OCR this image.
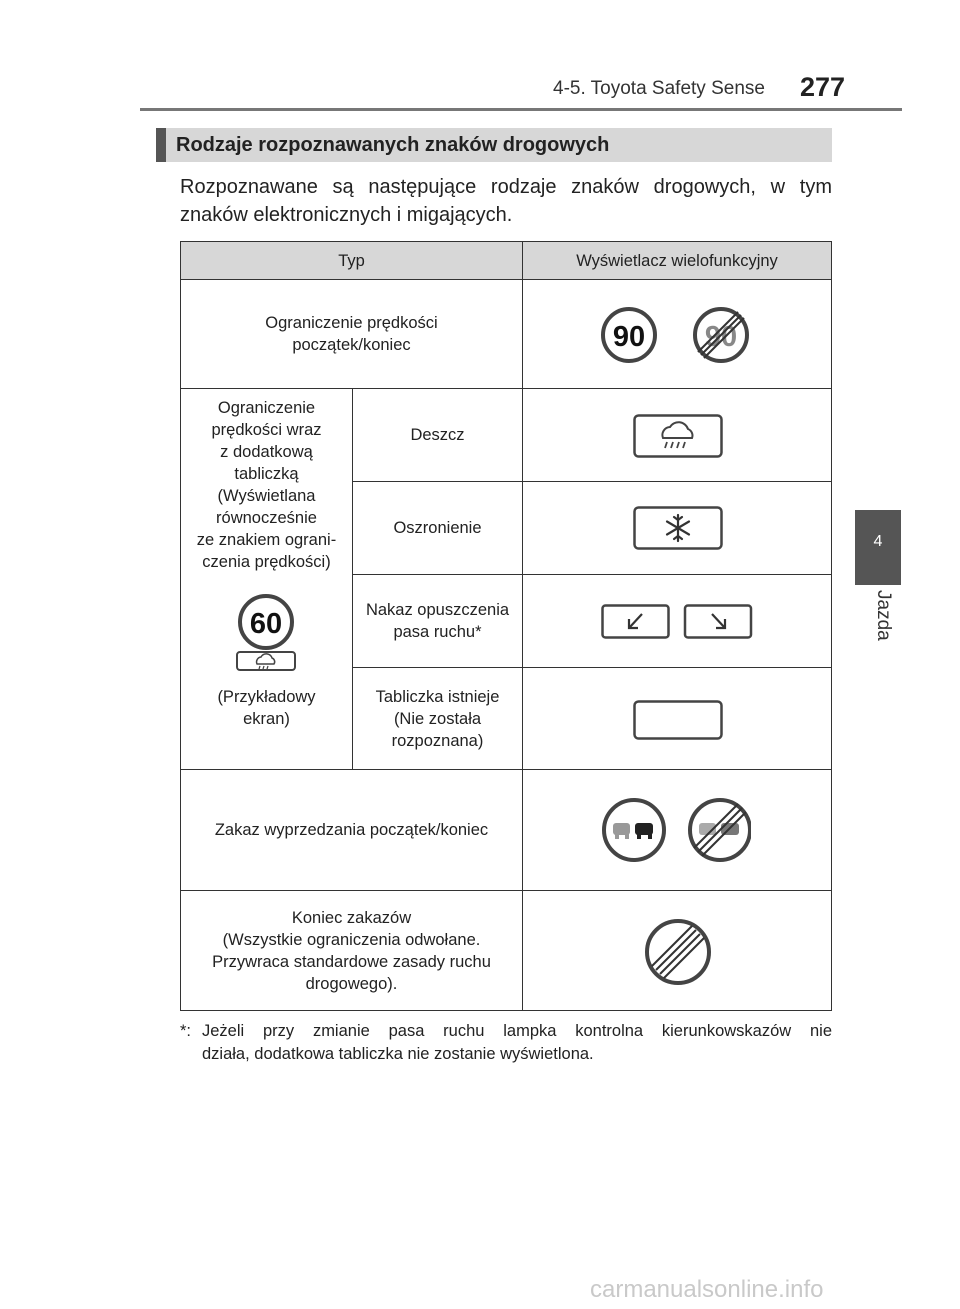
4-5. Toyota Safety Sense 277
4
Jazda
Rodzaje rozpoznawanych znaków drogowych
Rozpoznawane są następujące rodzaje znaków drogowych, w tym
znaków elektronicznych i migających.
Typ	Wyświetlacz wielofunkcyjny
Ograniczenie prędkości
początek/koniec	90 90
Ograniczenie
prędkości wraz
z dodatkową
tabliczką
(Wyświetlana
równocześnie
ze znakiem ograni-
czenia prędkości)
60
(Przykładowy
ekran)
Deszcz
Oszronienie
Nakaz opuszczenia
pasa ruchu*
Tabliczka istnieje
(Nie została
rozpoznana)
Zakaz wyprzedzania początek/koniec
Koniec zakazów
(Wszystkie ograniczenia odwołane.
Przywraca standardowe zasady ruchu
drogowego).
*: Jeżeli przy zmianie pasa ruchu lampka kontrolna kierunkowskazów nie
działa, dodatkowa tabliczka nie zostanie wyświetlona.
carmanualsonline.info
